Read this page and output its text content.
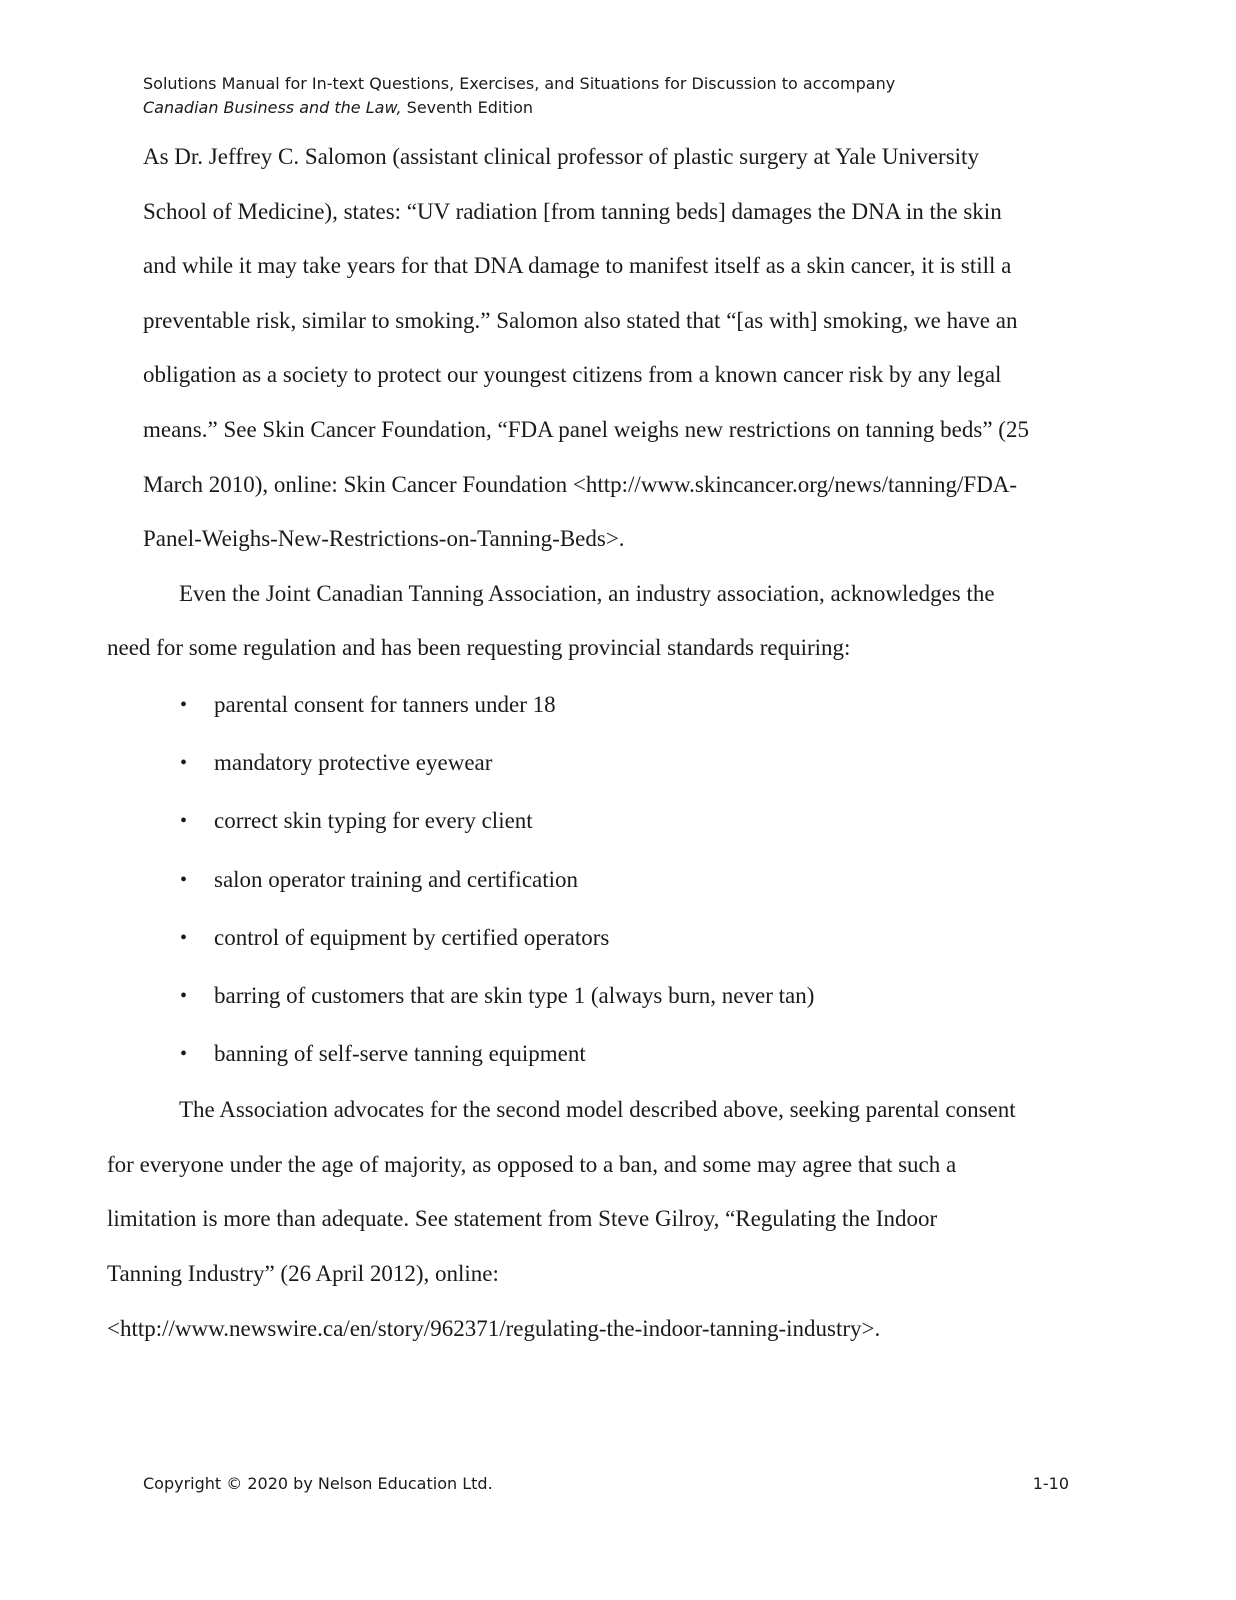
Solutions Manual for In-text Questions, Exercises, and Situations for Discussion to accompany
Canadian Business and the Law, Seventh Edition

As Dr. Jeffrey C. Salomon (assistant clinical professor of plastic surgery at Yale University
School of Medicine), states: “UV radiation [from tanning beds] damages the DNA in the skin
and while it may take years for that DNA damage to manifest itself as a skin cancer, it is still a
preventable risk, similar to smoking.” Salomon also stated that “[as with] smoking, we have an
obligation as a society to protect our youngest citizens from a known cancer risk by any legal
means.” See Skin Cancer Foundation, “FDA panel weighs new restrictions on tanning beds” (25
March 2010), online: Skin Cancer Foundation <http://www.skincancer.org/news/tanning/FDA-
Panel-Weighs-New-Restrictions-on-Tanning-Beds>.

Even the Joint Canadian Tanning Association, an industry association, acknowledges the
need for some regulation and has been requesting provincial standards requiring:

• parental consent for tanners under 18
• mandatory protective eyewear
• correct skin typing for every client
• salon operator training and certification
• control of equipment by certified operators
• barring of customers that are skin type 1 (always burn, never tan)
• banning of self-serve tanning equipment

The Association advocates for the second model described above, seeking parental consent
for everyone under the age of majority, as opposed to a ban, and some may agree that such a
limitation is more than adequate. See statement from Steve Gilroy, “Regulating the Indoor
Tanning Industry” (26 April 2012), online:
<http://www.newswire.ca/en/story/962371/regulating-the-indoor-tanning-industry>.

Copyright © 2020 by Nelson Education Ltd.	1-10
